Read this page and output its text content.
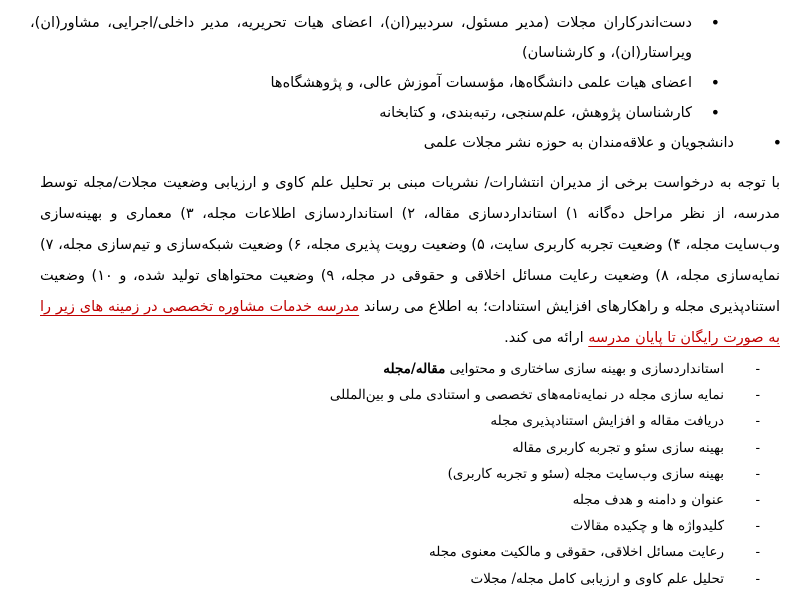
• دست‌اندرکاران مجلات (مدیر مسئول، سردبیر(ان)، اعضای هیات تحریریه، مدیر داخلی/اجرایی، مشاور(ان)، ویراستار(ان)، و کارشناسان)
• اعضای هیات علمی دانشگاه‌ها، مؤسسات آموزش عالی، و پژوهشگاه‌ها
• کارشناسان پژوهش، علم‌سنجی، رتبه‌بندی، و کتابخانه
• دانشجویان و علاقه‌مندان به حوزه نشر مجلات علمی

با توجه به درخواست برخی از مدیران انتشارات/ نشریات مبنی بر تحلیل علم کاوی و ارزیابی وضعیت مجلات/مجله توسط مدرسه، از نظر مراحل ده‌گانه ۱) استانداردسازی مقاله، ۲) استانداردسازی اطلاعات مجله، ۳) معماری و بهینه‌سازی وب‌سایت مجله، ۴) وضعیت تجربه کاربری سایت، ۵) وضعیت رویت پذیری مجله، ۶) وضعیت شبکه‌سازی و تیم‌سازی مجله، ۷) نمایه‌سازی مجله، ۸) وضعیت رعایت مسائل اخلاقی و حقوقی در مجله، ۹) وضعیت محتواهای تولید شده، و ۱۰) وضعیت استنادپذیری مجله و راهکارهای افزایش استنادات؛ به اطلاع می رساند مدرسه خدمات مشاوره تخصصی در زمینه های زیر را به صورت رایگان تا پایان مدرسه ارائه می کند.

- استانداردسازی و بهینه سازی ساختاری و محتوایی مقاله/مجله
- نمایه سازی مجله در نمایه‌نامه‌های تخصصی و استنادی ملی و بین‌المللی
- دریافت مقاله و افزایش استنادپذیری مجله
- بهینه سازی سئو و تجربه کاربری مقاله
- بهینه سازی وب‌سایت مجله (سئو و تجربه کاربری)
- عنوان و دامنه و هدف مجله
- کلیدواژه ها و چکیده مقالات
- رعایت مسائل اخلاقی، حقوقی و مالکیت معنوی مجله
- تحلیل علم کاوی و ارزیابی کامل مجله/ مجلات
